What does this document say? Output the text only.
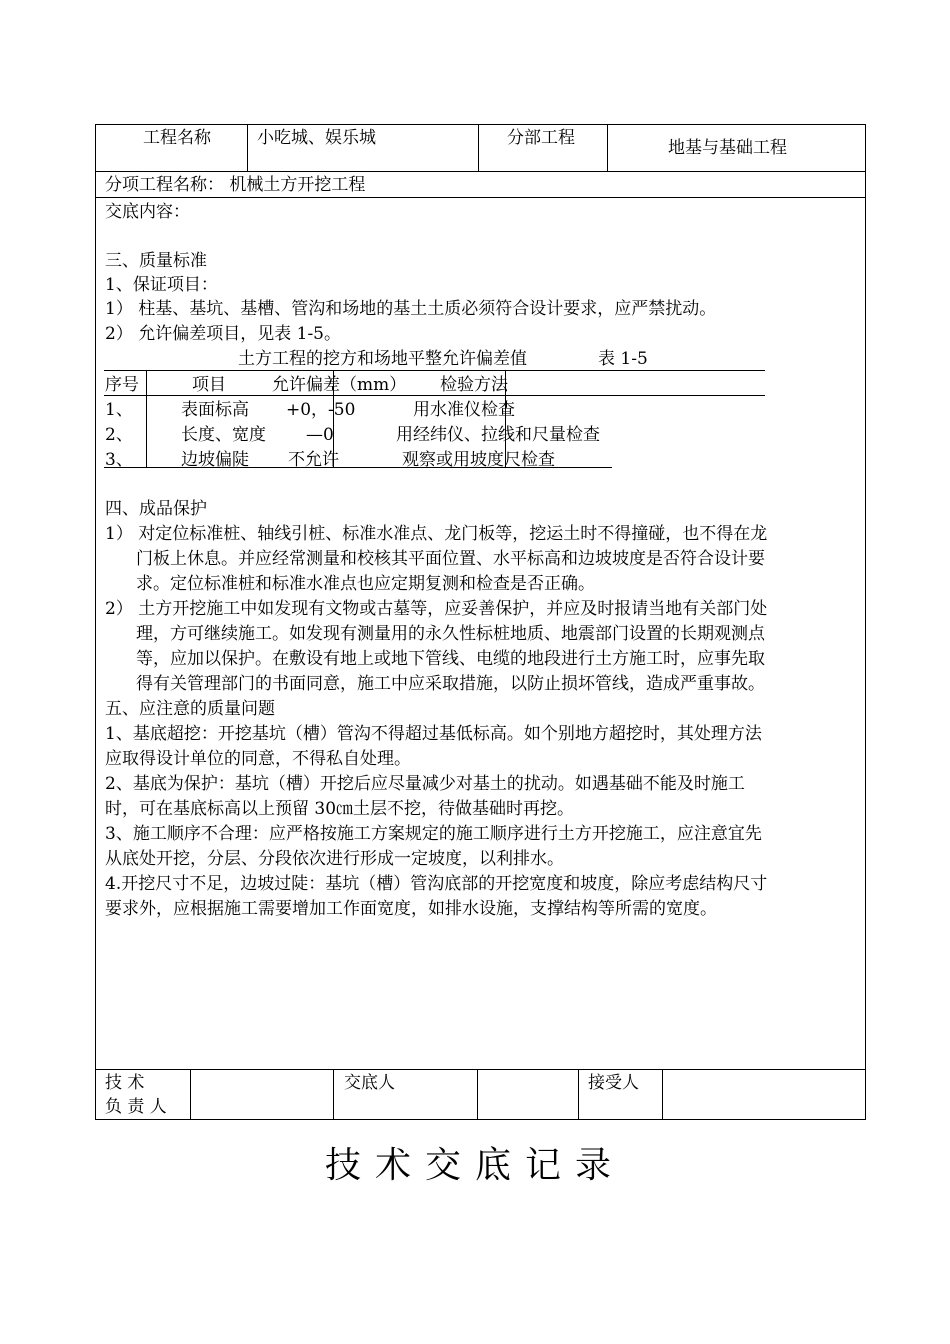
工程名称	小吃城、娱乐城	分部工程	地基与基础工程
分项工程名称： 机械土方开挖工程
交底内容：
三、质量标准
1、保证项目：
1） 柱基、基坑、基槽、管沟和场地的基土土质必须符合设计要求，应严禁扰动。
2） 允许偏差项目，见表 1-5。
土方工程的挖方和场地平整允许偏差值	表 1-5
序号	项目	允许偏差（mm） 检验方法
1、	表面标高 +0，-50	用水准仪检查
2、	长度、宽度 —0	用经纬仪、拉线和尺量检查
3、	边坡偏陡 不允许	观察或用坡度尺检查
四、成品保护
1） 对定位标准桩、轴线引桩、标准水准点、龙门板等，挖运土时不得撞碰，也不得在龙
门板上休息。并应经常测量和校核其平面位置、水平标高和边坡坡度是否符合设计要
求。定位标准桩和标准水准点也应定期复测和检查是否正确。
2） 土方开挖施工中如发现有文物或古墓等，应妥善保护，并应及时报请当地有关部门处
理，方可继续施工。如发现有测量用的永久性标桩地质、地震部门设置的长期观测点
等，应加以保护。在敷设有地上或地下管线、电缆的地段进行土方施工时，应事先取
得有关管理部门的书面同意，施工中应采取措施，以防止损坏管线，造成严重事故。
五、应注意的质量问题
1、基底超挖：开挖基坑（槽）管沟不得超过基低标高。如个别地方超挖时，其处理方法
应取得设计单位的同意，不得私自处理。
2、基底为保护：基坑（槽）开挖后应尽量减少对基土的扰动。如遇基础不能及时施工
时，可在基底标高以上预留 30㎝土层不挖，待做基础时再挖。
3、施工顺序不合理：应严格按施工方案规定的施工顺序进行土方开挖施工，应注意宜先
从底处开挖，分层、分段依次进行形成一定坡度，以利排水。
4.开挖尺寸不足，边坡过陡：基坑（槽）管沟底部的开挖宽度和坡度，除应考虑结构尺寸
要求外，应根据施工需要增加工作面宽度，如排水设施，支撑结构等所需的宽度。
技 术
负 责 人
交底人	接受人
技术交底记录
